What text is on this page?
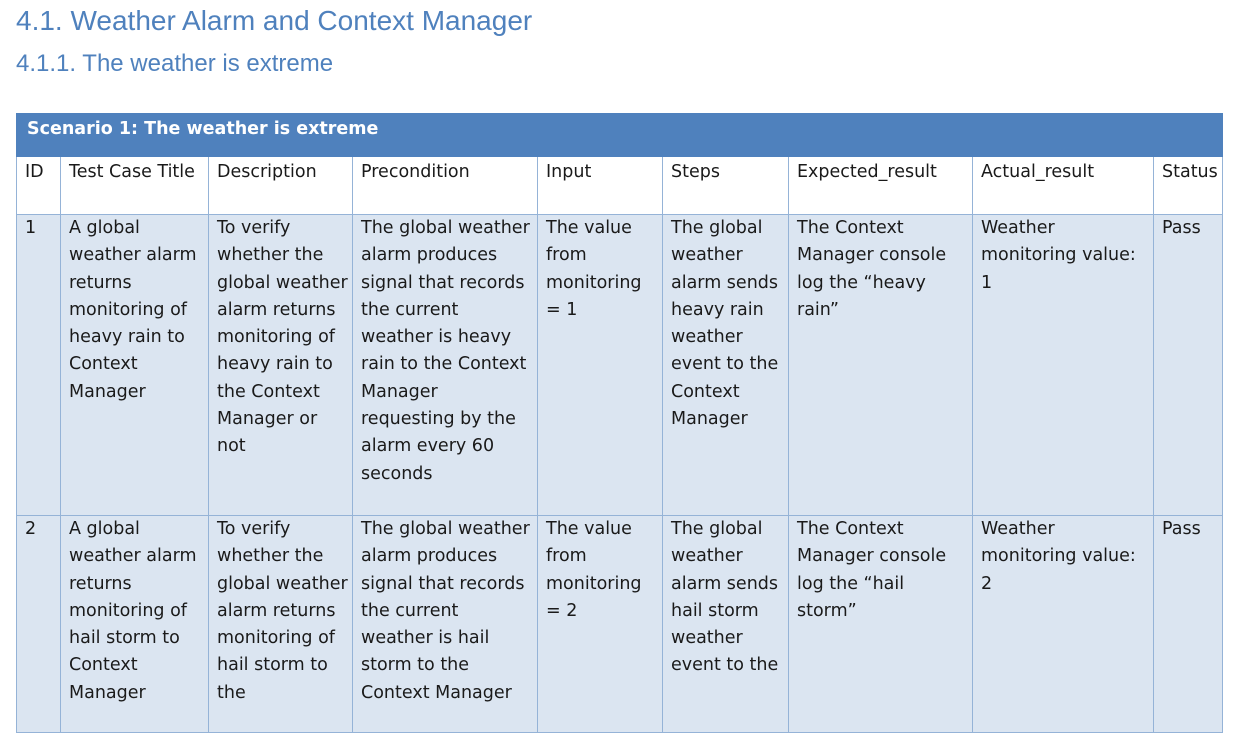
4.1. Weather Alarm and Context Manager
4.1.1. The weather is extreme
Scenario 1: The weather is extreme								
ID	Test Case Title	Description	Precondition	Input	Steps	Expected_result	Actual_result	Status
1	A global weather alarm returns monitoring of heavy rain to Context Manager	To verify whether the global weather alarm returns monitoring of heavy rain to the Context Manager or not	The global weather alarm produces signal that records the current weather is heavy rain to the Context Manager requesting by the alarm every 60 seconds	The value from monitoring = 1	The global weather alarm sends heavy rain weather event to the Context Manager	The Context Manager console log the “heavy rain”	Weather monitoring value: 1	Pass
2	A global weather alarm returns monitoring of hail storm to Context Manager	To verify whether the global weather alarm returns monitoring of hail storm to the	The global weather alarm produces signal that records the current weather is hail storm to the Context Manager	The value from monitoring = 2	The global weather alarm sends hail storm weather event to the	The Context Manager console log the “hail storm”	Weather monitoring value: 2	Pass
